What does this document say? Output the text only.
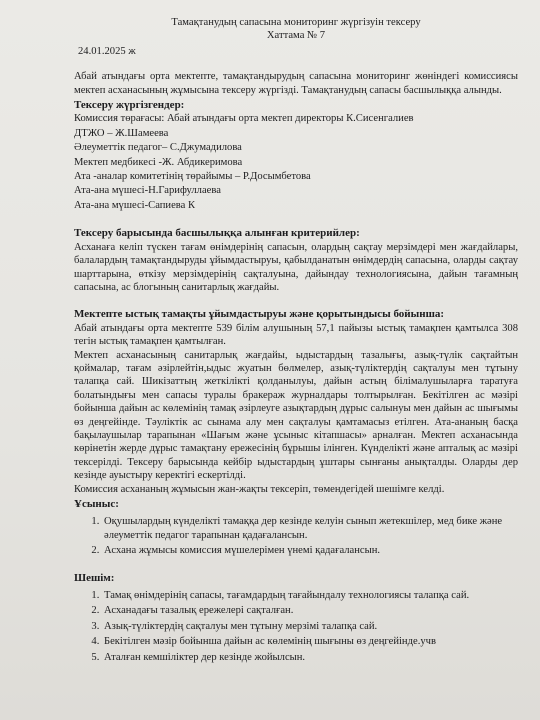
Тамақтанудың сапасына мониторинг жүргізуін тексеру
Хаттама № 7
24.01.2025 ж

Абай атындағы орта мектепте, тамақтандырудың сапасына мониторинг жөніндегі комиссиясы мектеп асханасының жұмысына тексеру жүргізді. Тамақтанудың сапасы басшылыққа алынды.

Тексеру жүргізгендер:

Комиссия төрағасы: Абай атындағы орта мектеп директоры К.Сисенгалиев

ДТЖО – Ж.Шамеева

Әлеуметтік педагог– С.Джумадилова

Мектеп медбикесі -Ж. Абдикеримова

Ата -аналар комитетінің төрайымы – Р.Досымбетова

Ата-ана мүшесі-Н.Гарифуллаева

Ата-ана мүшесі-Сапиева К

Тексеру барысында басшылыққа алынған критерийлер:

Асханаға келіп түскен тағам өнімдерінің сапасын, олардың сақтау мерзімдері мен жағдайлары, балалардың тамақтандыруды ұйымдастыруы, қабылданатын өнімдердің сапасына, оларды сақтау шарттарына, өткізу мерзімдерінің сақталуына, дайындау технологиясына, дайын тағамның сапасына, ас блогының санитарлық жағдайы.

Мектепте ыстық тамақты ұйымдастыруы және қорытындысы бойынша:

Абай атындағы орта мектепте 539 білім алушының 57,1 пайызы ыстық тамақпен қамтылса 308 тегін ыстық тамақпен қамтылған.

Мектеп асханасының санитарлық жағдайы, ыдыстардың тазалығы, азық-түлік сақтайтын қоймалар, тағам әзірлейтін,ыдыс жуатын бөлмелер, азық-түліктердің сақталуы мен тұтыну талапқа сай. Шикізаттың жеткілікті қолданылуы, дайын астың білімалушыларға таратуға болатындығы мен сапасы туралы бракераж журналдары толтырылған. Бекітілген ас мәзірі бойынша дайын ас көлемінің тамақ әзірлеуге азықтардың дұрыс салынуы мен дайын ас шығымы өз деңгейінде. Тәуліктік ас сынама алу мен сақталуы қамтамасыз етілген. Ата-ананың басқа бақылаушылар тарапынан «Шағым және ұсыныс кітапшасы» арналған. Мектеп асханасында көрінетін жерде дұрыс тамақтану ережесінің бұрышы ілінген. Күнделікті және апталық ас мәзірі тексерілді. Тексеру барысында кейбір ыдыстардың ұштары сынғаны анықталды. Оларды дер кезінде ауыстыру керектігі ескертілді.

Комиссия асхананың жұмысын жан-жақты тексеріп, төмендегідей шешімге келді.

Ұсыныс:

1. Оқушылардың күнделікті тамаққа дер кезінде келуін сынып жетекшілер, мед бике және әлеуметтік педагог тарапынан қадағалансын.
2. Асхана жұмысы комиссия мүшелерімен үнемі қадағалансын.

Шешім:

1. Тамақ өнімдерінің сапасы, тағамдардың тағайындалу технологиясы талапқа сай.
2. Асханадағы тазалық ережелері сақталған.
3. Азық-түліктердің сақталуы мен тұтыну мерзімі талапқа сай.
4. Бекітілген мәзір бойынша дайын ас көлемінің шығыны өз деңгейінде.учв
5. Аталған кемшіліктер дер кезінде жойылсын.
